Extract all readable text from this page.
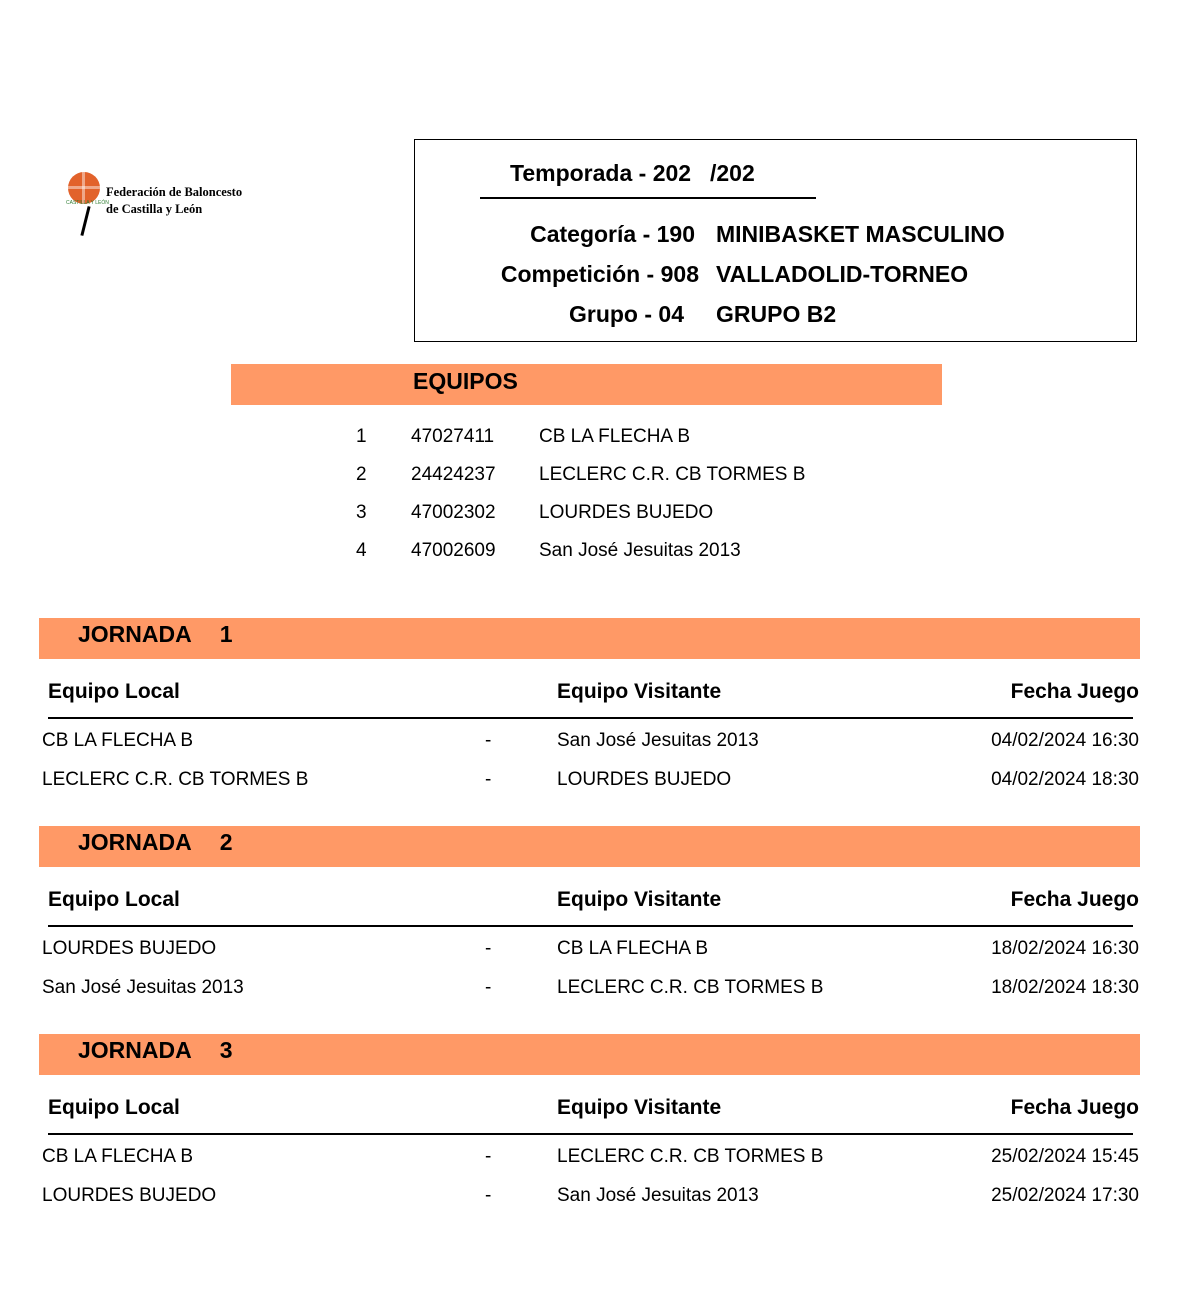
CASTILLA Y LEÓN
Federación de Baloncesto
de Castilla y León
Temporada - 202 /202
Categoría - 190 MINIBASKET MASCULINO
Competición - 908 VALLADOLID-TORNEO
Grupo - 04 GRUPO B2
EQUIPOS
1 47027411 CB LA FLECHA B
2 24424237 LECLERC C.R. CB TORMES B
3 47002302 LOURDES BUJEDO
4 47002609 San José Jesuitas 2013
JORNADA 1
Equipo Local	Equipo Visitante	Fecha Juego
CB LA FLECHA B	-	San José Jesuitas 2013	04/02/2024 16:30
LECLERC C.R. CB TORMES B	-	LOURDES BUJEDO	04/02/2024 18:30
JORNADA 2
Equipo Local	Equipo Visitante	Fecha Juego
LOURDES BUJEDO	-	CB LA FLECHA B	18/02/2024 16:30
San José Jesuitas 2013	-	LECLERC C.R. CB TORMES B	18/02/2024 18:30
JORNADA 3
Equipo Local	Equipo Visitante	Fecha Juego
CB LA FLECHA B	-	LECLERC C.R. CB TORMES B	25/02/2024 15:45
LOURDES BUJEDO	-	San José Jesuitas 2013	25/02/2024 17:30
